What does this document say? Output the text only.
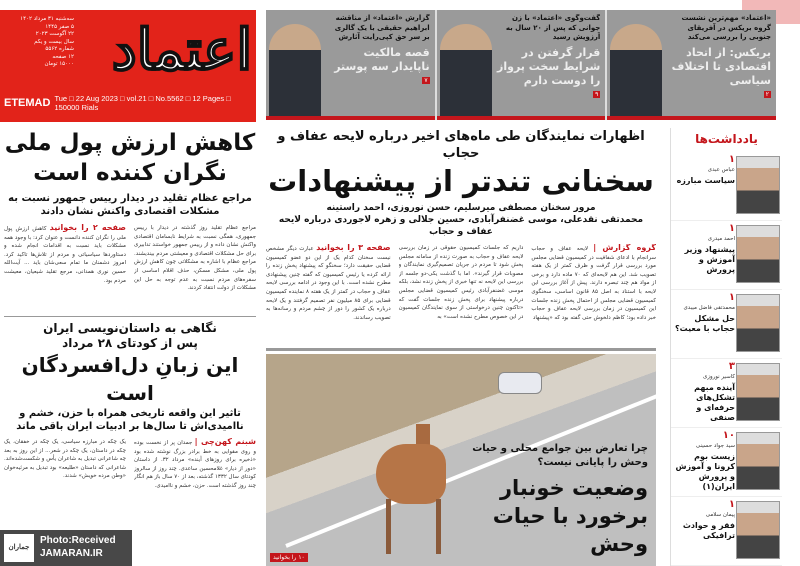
اعتماد
سه‌شنبه ۳۱ مرداد ۱۴۰۲
۵ صفر ۱۴۴۵
۲۲ آگوست ۲۰۲۳
سال بیست و یکم
شماره ۵۵۶۲
۱۲ صفحه
۱۵۰۰۰ تومان
ETEMAD Tue □ 22 Aug 2023 □ vol.21 □ No.5562 □ 12 Pages □ 150000 Rials
«اعتماد» مهم‌ترین نشست گروه بریکس در آفریقای جنوبی را بررسی می‌کند
بریکس: از اتحاد اقتصادی تا اختلاف سیاسی
۲
گفت‌وگوی «اعتماد» با زن جوانی که پس از ۲۰ سال به آرزویش رسید
قرار گرفتن در شرایط سخت پرواز را دوست دارم
۹
گزارش «اعتماد» از مناقشه ابراهیم حقیقی با یک گالری بر سر حق کپی‌رایت آثارش
قصه مالکیت ناپایدار سه پوستر
۷
اظهارات نمایندگان طی ماه‌های اخیر درباره لایحه عفاف و حجاب
سخنانی تندتر از پیشنهادات
مرور سخنان مصطفی میرسلیم، حسن نوروزی، احمد راستینه
محمدتقی نقدعلی، موسی غضنفرآبادی، حسین جلالی و زهره لاجوردی درباره لایحه عفاف و حجاب
گروه گزارش | لایحه عفاف و حجاب سرانجام با ادعای شفافیت در کمیسیون قضایی مجلس مورد بررسی قرار گرفت و ظرف کمتر از یک هفته تصویب شد. این هم لایحه‌ای که ۷۰ ماده دارد و برخی از مواد هم چند تبصره دارند. پیش از آغاز بررسی این لایحه با استناد به اصل ۸۵ قانون اساسی، سخنگوی کمیسیون قضایی مجلس از احتمال پخش زنده جلسات این کمیسیون در زمان بررسی لایحه عفاف و حجاب خبر داده بود؛ کاظم دلخوش حتی گفته بود که «پیشنهاد
داریم که جلسات کمیسیون حقوقی در زمان بررسی لایحه عفاف و حجاب به صورت زنده از سامانه مجلس پخش شود تا مردم در جریان تصمیم‌گیری نمایندگان و مصوبات قرار گیرند». اما با گذشت یکی-دو جلسه از بررسی این لایحه نه تنها خبری از پخش زنده نشد، بلکه موسی غضنفرآبادی رئیس کمیسیون قضایی مجلس درباره پیشنهاد برای پخش زنده جلسات گفت که «تاکنون چنین درخواستی از سوی نمایندگان کمیسیون در این خصوص مطرح نشده است» به
صفحه ۳ را بخوانید عبارت دیگر مشخص نیست سخنان کدام یک از این دو عضو کمیسیون قضایی حقیقت دارد؛ سخنگو که پیشنهاد پخش زنده را ارائه کرده یا رئیس کمیسیون که گفته چنین پیشنهادی مطرح نشده است. با این وجود در ادامه بررسی لایحه عفاف و حجاب در کمتر از یک هفته ۸ نماینده کمیسیون قضایی برای ۸۵ میلیون نفر تصمیم گرفتند و یک لایحه درباره یک کشور را دور از چشم مردم و رسانه‌ها به تصویب رساندند.
چرا تعارض بین جوامع محلی و حیات وحش را پایانی نیست؟
وضعیت خونبار برخورد با حیات وحش
۱۰ را بخوانید
کاهش ارزش پول ملی نگران کننده است
مراجع عظام تقلید در دیدار رییس جمهور نسبت به مشکلات اقتصادی واکنش نشان دادند
مراجع عظام تقلید روز گذشته در دیدار با رییس جمهوری، همگی نسبت به شرایط نابسامان اقتصادی واکنش نشان داده و از رییس جمهور خواستند تدابیری برای حل مشکلات اقتصادی و معیشتی مردم بیندیشند. مراجع عظام با اشاره به مشکلاتی چون کاهش ارزش پول ملی، مشکل مسکن، حذف اقلام اساسی از سفره‌های مردم نسبت به عدم توجه به حل این مشکلات از دولت انتقاد کردند.
صفحه ۲ را بخوانید کاهش ارزش پول ملی را نگران کننده دانست و عنوان کرد: با وجود همه مشکلات باید نسبت به اقدامات انجام شده و دستاوردها سیاسیاتی و مردم از تلاش‌ها تاکید کرد. امروز دشمنان ما تمام سعی‌شان با‌ید ... آیت‌الله حسین نوری همدانی، مرجع تقلید شیعیان، معیشت مردم بود.
نگاهی به داستان‌نویسی ایران
پس از کودتای ۲۸ مرداد
این زبانِ دل‌افسردگان است
تاثیر این واقعه تاریخی همراه با حزن، خشم و ناامیدی‌اش تا سال‌ها بر ادبیات ایران باقی ماند
شبنم کهن‌چی | جمدان پر از نخست بوده و روی مقوایی به خط برادر بزرگ نوشته شده بود «ذخیره برای روزهای آینده» مرداد ۳۲. از داستان «دور از دیار» غلامحسین ساعدی. چند روز از سالروز کودتای سال ۱۳۳۲ گذشته، بعد از ۷۰ سال باز هم انگار چند روز گذشته است. حزن، خشم و ناامیدی.
یک چکه در مبارزه سیاسی، یک چکه در خفقان، یک چکه در داستان، یک چکه در شعر... از این روز به بعد چه شاعرانی تبدیل به شاعران یأس و شکست‌شده‌اند. شاعرانی که داستان «طلیعه» بود تبدیل به مرثیه‌خوان «وطن مرده خویش» شدند.
جماران
Photo:Received
JAMARAN.IR
یادداشت‌ها
۱
عباس عبدی
سیاست مبارزه
۱
احمد میدری
پیشنهاد وزیر آموزش و پرورش
۱
محمدتقی فاضل میبدی
حل مشکل حجاب با معیت؟
۳
کاسیر نوروزی
آینده مبهم تشکل‌های حرفه‌ای و صنفی
۱۰
سید جواد حسینی
زیست بوم کرونا و آموزش و پرورش ایران(۱)
۱
پیمان سلامی
فقر و حوادث ترافیکی
